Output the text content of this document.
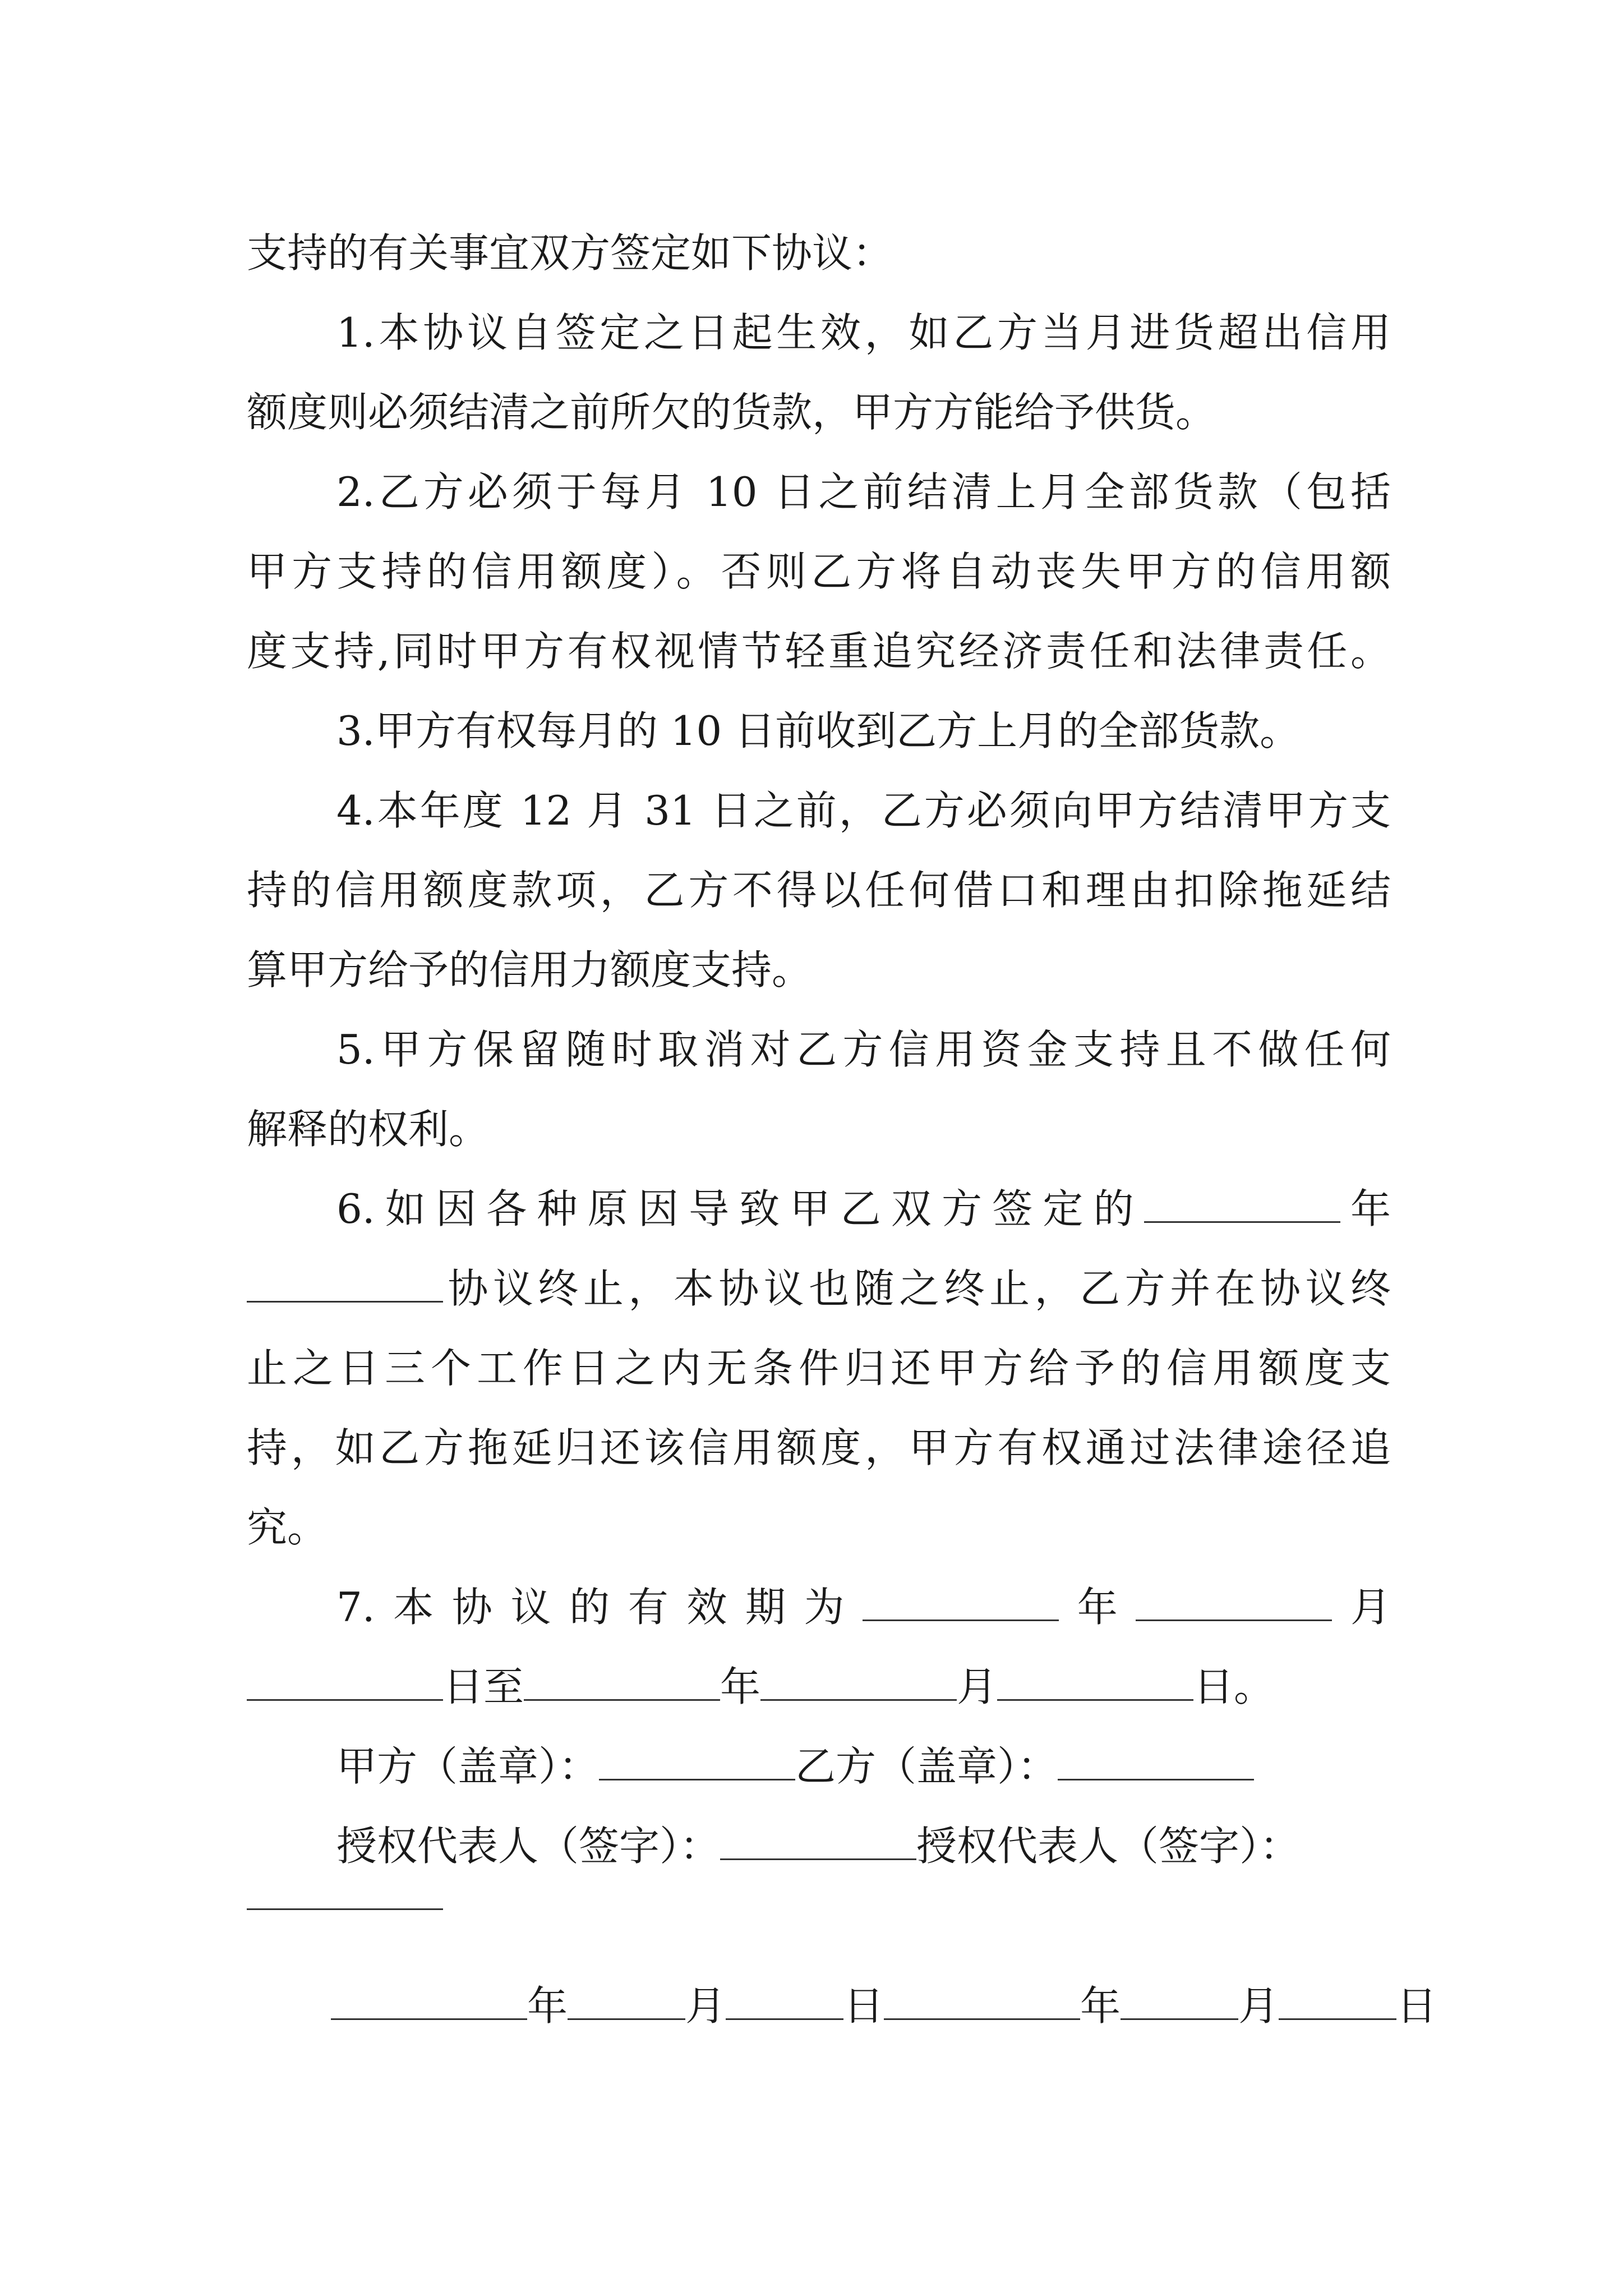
支持的有关事宜双方签定如下协议：
1.本协议自签定之日起生效，如乙方当月进货超出信用
额度则必须结清之前所欠的货款，甲方方能给予供货。
2.乙方必须于每月 10 日之前结清上月全部货款（包括
甲方支持的信用额度）。否则乙方将自动丧失甲方的信用额
度支持,同时甲方有权视情节轻重追究经济责任和法律责任。
3.甲方有权每月的 10 日前收到乙方上月的全部货款。
4.本年度 12 月 31 日之前，乙方必须向甲方结清甲方支
持的信用额度款项，乙方不得以任何借口和理由扣除拖延结
算甲方给予的信用力额度支持。
5.甲方保留随时取消对乙方信用资金支持且不做任何
解释的权利。
6.如因各种原因导致甲乙双方签定的	年
协议终止，本协议也随之终止，乙方并在协议终
止之日三个工作日之内无条件归还甲方给予的信用额度支
持，如乙方拖延归还该信用额度，甲方有权通过法律途径追
究。
7.本协议的有效期为	年	月
日至	年	月	日。
甲方（盖章）：	乙方（盖章）：
授权代表人（签字）：	授权代表人（签字）：
年	月	日	年	月	日
